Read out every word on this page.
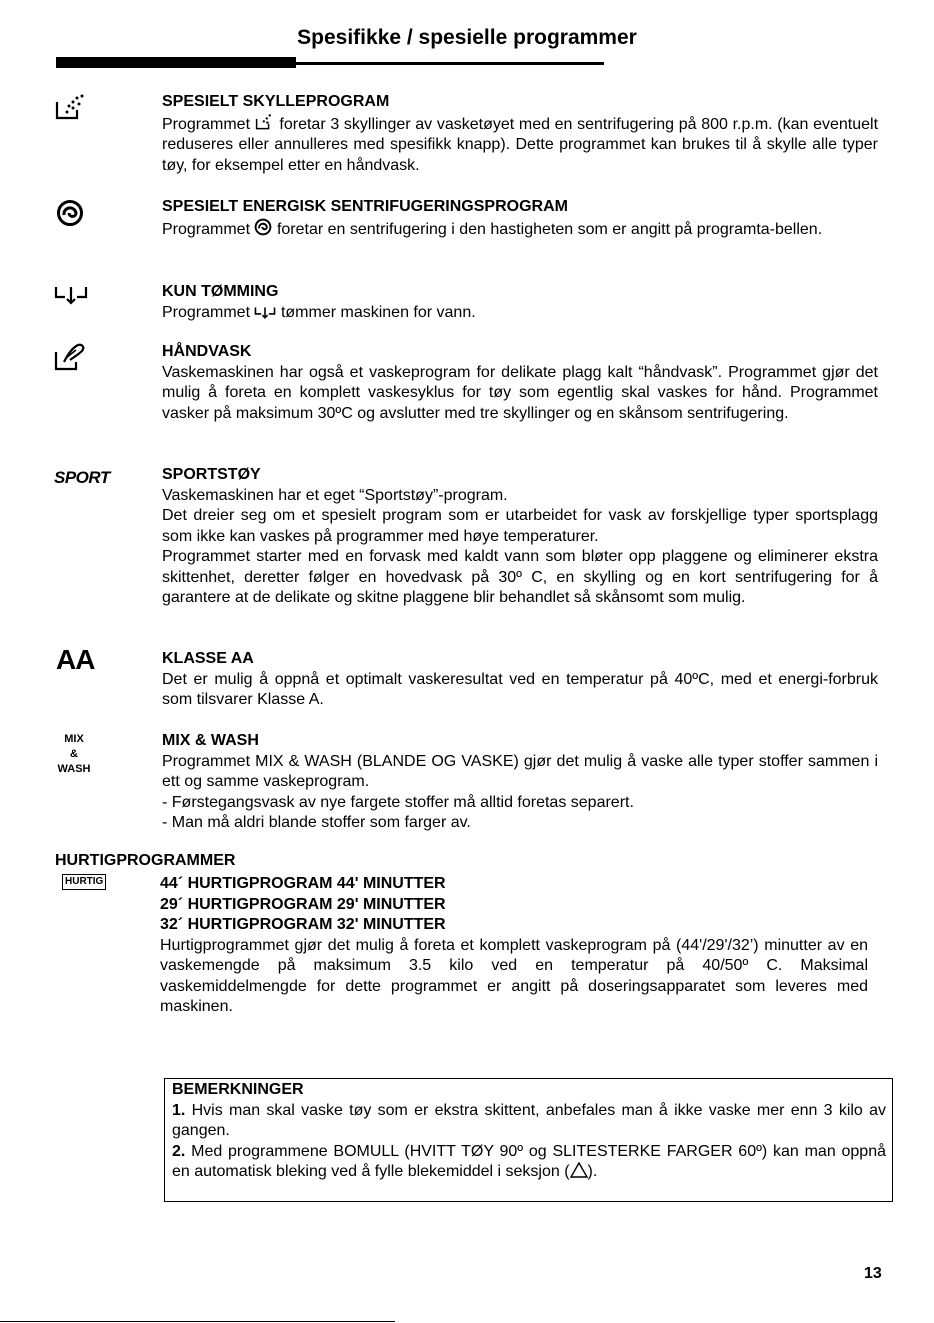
Spesifikke / spesielle programmer
SPESIELT SKYLLEPROGRAM

Programmet foretar 3 skyllinger av vasketøyet med en sentrifugering på 800 r.p.m. (kan eventuelt reduseres eller annulleres med spesifikk knapp). Dette programmet kan brukes til å skylle alle typer tøy, for eksempel etter en håndvask.

SPESIELT ENERGISK SENTRIFUGERINGSPROGRAM

Programmet foretar en sentrifugering i den hastigheten som er angitt på programta-bellen.

KUN TØMMING

Programmet tømmer maskinen for vann.

HÅNDVASK

Vaskemaskinen har også et vaskeprogram for delikate plagg kalt “håndvask”. Programmet gjør det mulig å foreta en komplett vaskesyklus for tøy som egentlig skal vaskes for hånd. Programmet vasker på maksimum 30ºC og avslutter med tre skyllinger og en skånsom sentrifugering.

SPORT	SPORTSTØY

Vaskemaskinen har et eget “Sportstøy”-program.

Det dreier seg om et spesielt program som er utarbeidet for vask av forskjellige typer sportsplagg som ikke kan vaskes på programmer med høye temperaturer.

Programmet starter med en forvask med kaldt vann som bløter opp plaggene og eliminerer ekstra skittenhet, deretter følger en hovedvask på 30º C, en skylling og en kort sentrifugering for å garantere at de delikate og skitne plaggene blir behandlet så skånsomt som mulig.

AA	KLASSE AA

Det er mulig å oppnå et optimalt vaskeresultat ved en temperatur på 40ºC, med et energi-forbruk som tilsvarer Klasse A.

MIX
&
WASH
MIX & WASH

Programmet MIX & WASH (BLANDE OG VASKE) gjør det mulig å vaske alle typer stoffer sammen i ett og samme vaskeprogram.

- Førstegangsvask av nye fargete stoffer må alltid foretas separert.

- Man må aldri blande stoffer som farger av.

HURTIGPROGRAMMER
HURTIG	44´ HURTIGPROGRAM 44' MINUTTER
29´ HURTIGPROGRAM 29' MINUTTER
32´ HURTIGPROGRAM 32' MINUTTER

Hurtigprogrammet gjør det mulig å foreta et komplett vaskeprogram på (44'/29'/32’) minutter av en vaskemengde på maksimum 3.5 kilo ved en temperatur på 40/50º C. Maksimal vaskemiddelmengde for dette programmet er angitt på doseringsapparatet som leveres med maskinen.

BEMERKNINGER

1. Hvis man skal vaske tøy som er ekstra skittent, anbefales man å ikke vaske mer enn 3 kilo av gangen.

2. Med programmene BOMULL (HVITT TØY 90º og SLITESTERKE FARGER 60º) kan man oppnå en automatisk bleking ved å fylle blekemiddel i seksjon ( ).

13
